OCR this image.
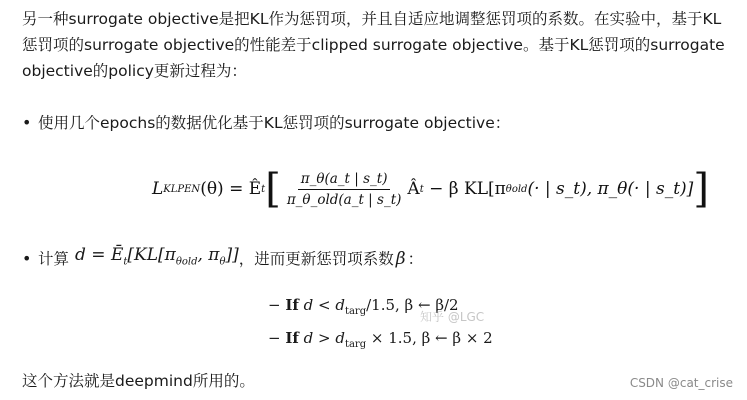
另一种surrogate objective是把KL作为惩罚项，并且自适应地调整惩罚项的系数。在实验中，基于KL惩罚项的surrogate objective的性能差于clipped surrogate objective。基于KL惩罚项的surrogate objective的policy更新过程为：

• 使用几个epochs的数据优化基于KL惩罚项的surrogate objective：
L KLPEN (θ) = Ê t [ $\frac{\pi\_\theta(a\_t | s\_t)}{\text{π\_θ\_old(a\_t | s\_t)}}$ Â t − β KL[π θold (· | s_t), π_θ(· | s_t)] ]
• 计算 $d = Ē_t[KL[\pi_{\theta old}$, $\pi_\theta$]] ，进而更新惩罚项系数 β ：
− If $d < d_{targ}/1.5$, β ← β/2
− If $d > d_{targ} \times 1.5$, β ← β × 2
知乎 @LGC
这个方法就是deepmind所用的。	CSDN @cat_crise
